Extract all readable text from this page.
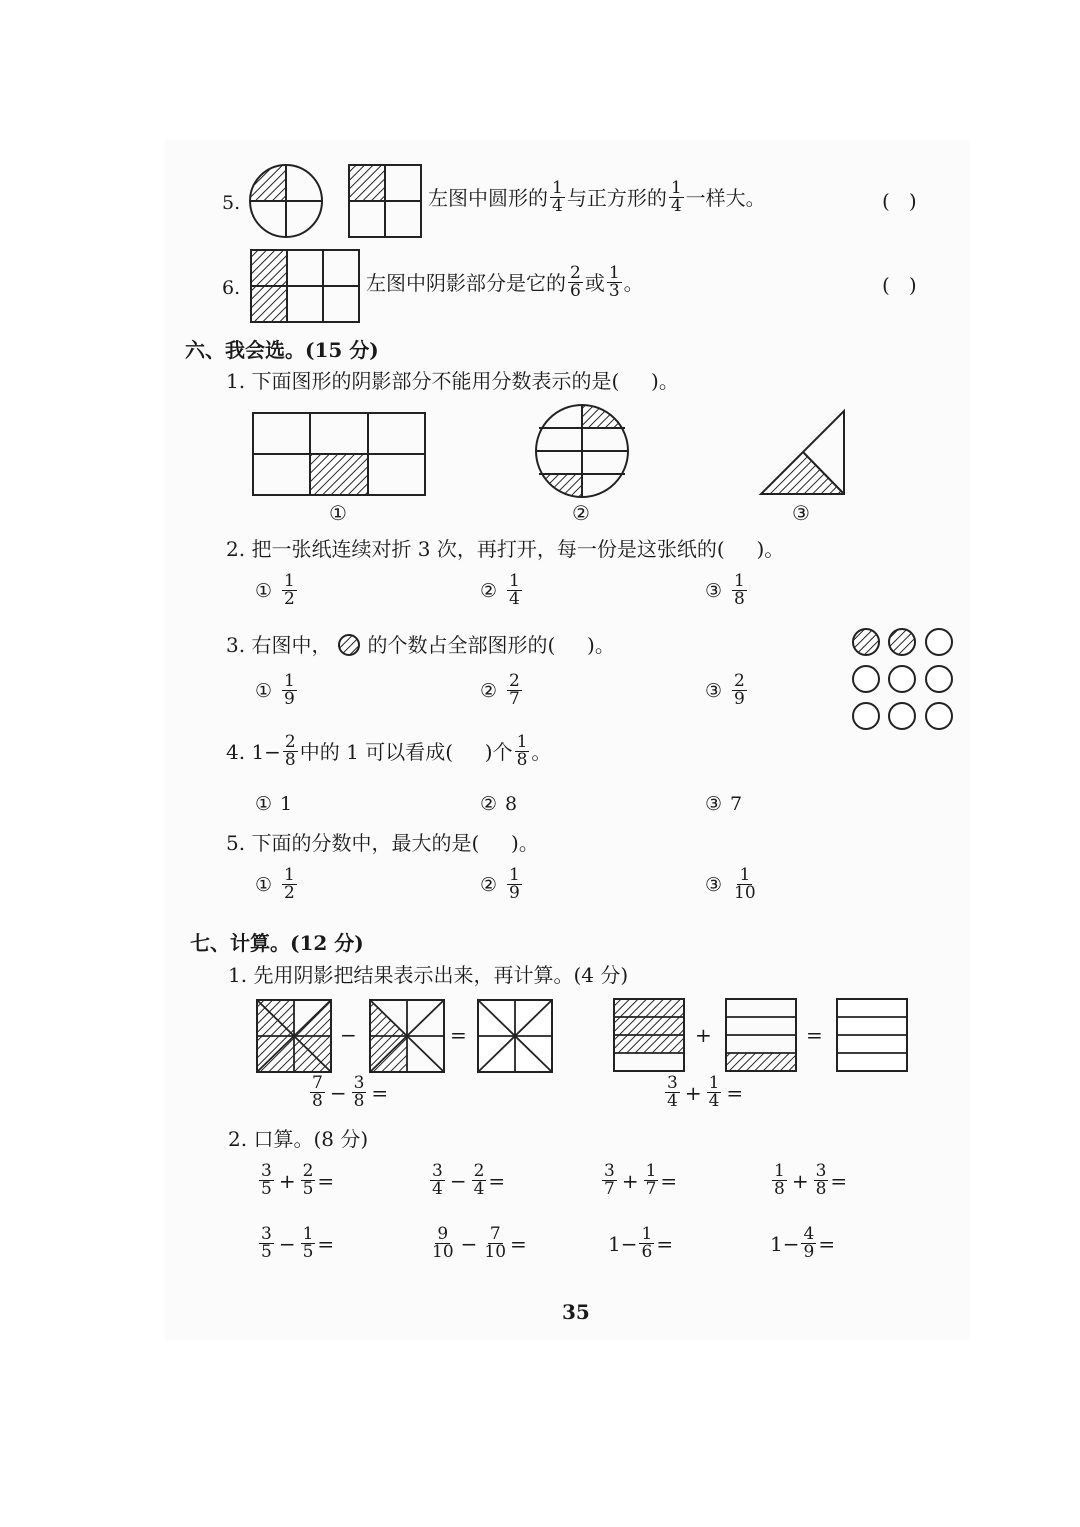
5.	左图中圆形的 $\frac{1}{4}$ 与正方形的 $\frac{1}{4}$ 一样大。	(   )
6.	左图中阴影部分是它的 $\frac{2}{6}$ 或 $\frac{1}{3}$ 。	(   )
六、我会选。(15 分)
1. 下面图形的阴影部分不能用分数表示的是(     )。
①	②	③
2. 把一张纸连续对折 3 次，再打开，每一份是这张纸的(     )。
① $\frac{1}{2}$	② $\frac{1}{4}$	③ $\frac{1}{8}$
3. 右图中， 的个数占全部图形的(     )。
① $\frac{1}{9}$	② $\frac{2}{7}$	③ $\frac{2}{9}$
4. $1- \frac{2}{8}$ 中的 1 可以看成(     )个 $\frac{1}{8}$ 。
① 1	② 8	③ 7
5. 下面的分数中，最大的是(     )。
① $\frac{1}{2}$	② $\frac{1}{9}$	③ $\frac{1}{10}$
七、计算。(12 分)
1. 先用阴影把结果表示出来，再计算。(4 分)
−	=	+	=
$\frac{7}{8} - \frac{3}{8}$ =	$\frac{3}{4} + \frac{1}{4}$ =
2. 口算。(8 分)
$\frac{3}{5} + \frac{2}{5}$ =	$\frac{3}{4} - \frac{2}{4}$ =	$\frac{3}{7} + \frac{1}{7}$ =	$\frac{1}{8} + \frac{3}{8}$ =
$\frac{3}{5} - \frac{1}{5}$ =	$\frac{9}{10} - \frac{7}{10}$ =	$1- \frac{1}{6}$ =	$1- \frac{4}{9}$ =
35
